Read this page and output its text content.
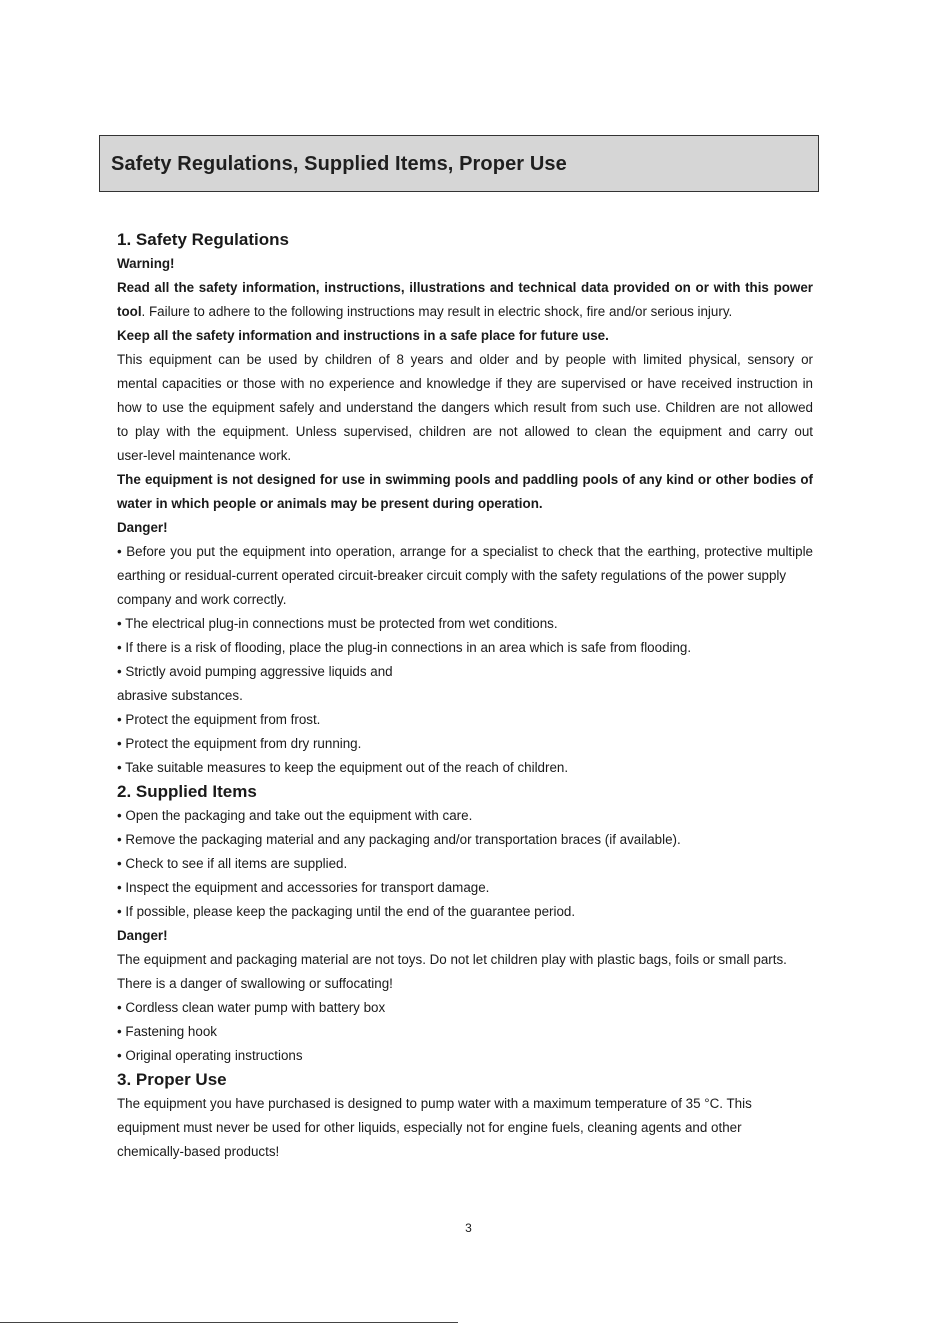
Safety Regulations, Supplied Items, Proper Use
1. Safety Regulations
Warning!
Read all the safety information, instructions, illustrations and technical data provided on or with this power
tool. Failure to adhere to the following instructions may result in electric shock, fire and/or serious injury.
Keep all the safety information and instructions in a safe place for future use.
This equipment can be used by children of 8 years and older and by people with limited physical, sensory or
mental capacities or those with no experience and knowledge if they are supervised or have received instruction in
how to use the equipment safely and understand the dangers which result from such use. Children are not allowed
to play with the equipment. Unless supervised, children are not allowed to clean the equipment and carry out
user-level maintenance work.
The equipment is not designed for use in swimming pools and paddling pools of any kind or other bodies of
water in which people or animals may be present during operation.
Danger!
• Before you put the equipment into operation, arrange for a specialist to check that the earthing, protective multiple
earthing or residual-current operated circuit-breaker circuit comply with the safety regulations of the power supply
company and work correctly.
• The electrical plug-in connections must be protected from wet conditions.
• If there is a risk of flooding, place the plug-in connections in an area which is safe from flooding.
• Strictly avoid pumping aggressive liquids and
abrasive substances.
• Protect the equipment from frost.
• Protect the equipment from dry running.
• Take suitable measures to keep the equipment out of the reach of children.
2. Supplied Items
• Open the packaging and take out the equipment with care.
• Remove the packaging material and any packaging and/or transportation braces (if available).
• Check to see if all items are supplied.
• Inspect the equipment and accessories for transport damage.
• If possible, please keep the packaging until the end of the guarantee period.
Danger!
The equipment and packaging material are not toys. Do not let children play with plastic bags, foils or small parts.
There is a danger of swallowing or suffocating!
• Cordless clean water pump with battery box
• Fastening hook
• Original operating instructions
3. Proper Use
The equipment you have purchased is designed to pump water with a maximum temperature of 35 °C. This
equipment must never be used for other liquids, especially not for engine fuels, cleaning agents and other
chemically-based products!
3
